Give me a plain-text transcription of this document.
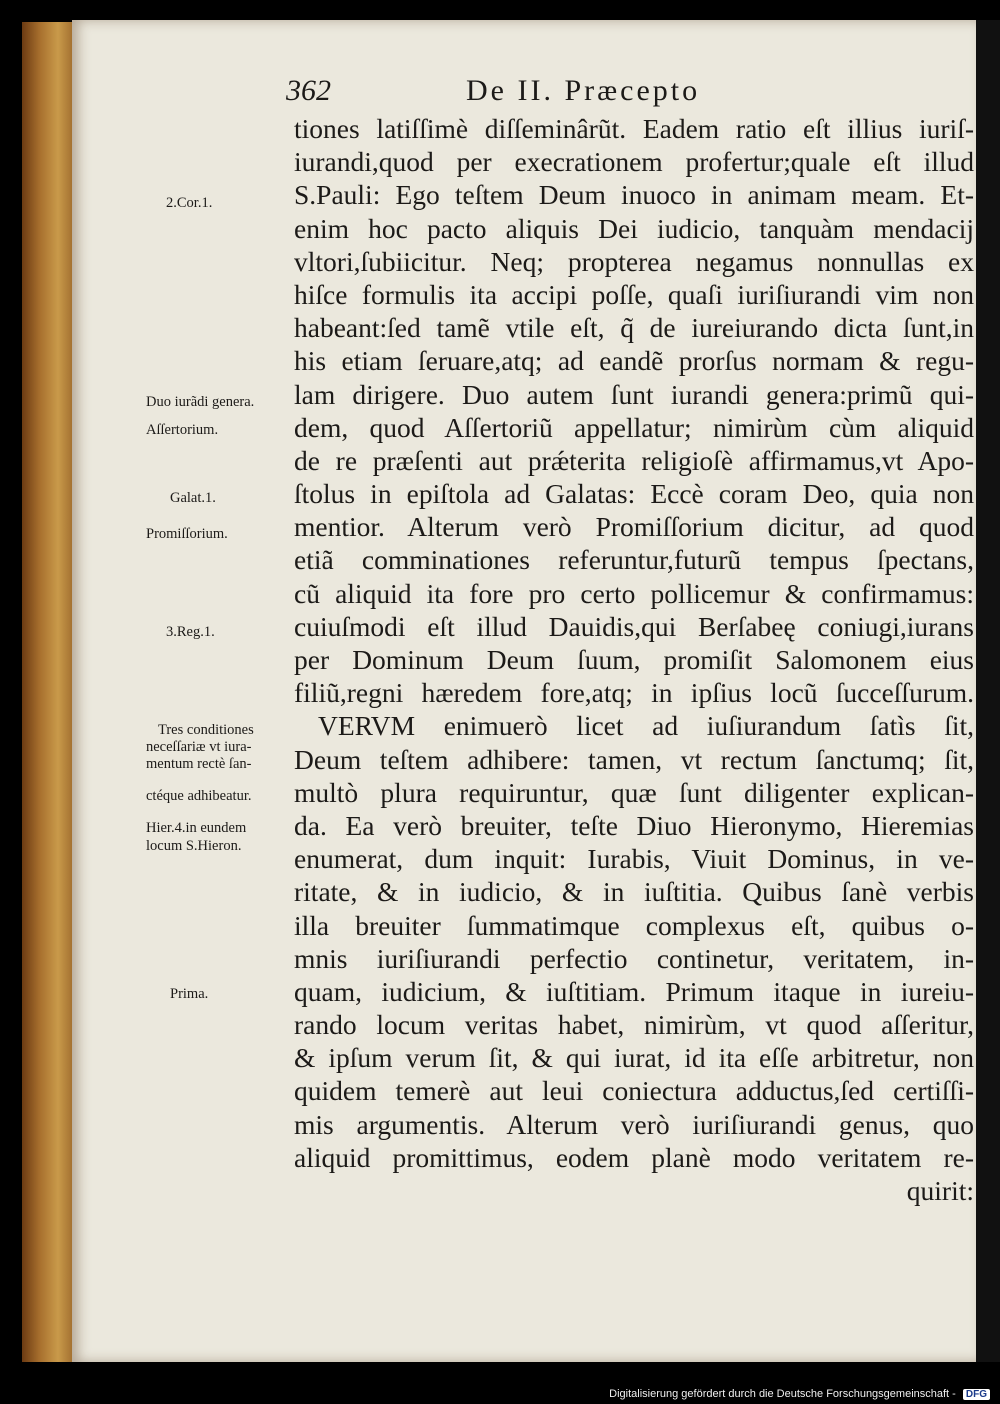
362	De II. Præcepto
tiones latiſſimè diſſeminârũt. Eadem ratio eſt illius iuriſ-
iurandi,quod per execrationem profertur;quale eſt illud
S.Pauli: Ego teſtem Deum inuoco in animam meam. Et-
enim hoc pacto aliquis Dei iudicio, tanquàm mendacij
vltori,ſubiicitur. Neq; propterea negamus nonnullas ex
hiſce formulis ita accipi poſſe, quaſi iuriſiurandi vim non
habeant:ſed tamẽ vtile eſt, q̃ de iureiurando dicta ſunt,in
his etiam ſeruare,atq; ad eandẽ prorſus normam & regu-
lam dirigere. Duo autem ſunt iurandi genera:primũ qui-
dem, quod Aſſertoriũ appellatur; nimirùm cùm aliquid
de re præſenti aut prǽterita religioſè affirmamus,vt Apo-
ſtolus in epiſtola ad Galatas: Eccè coram Deo, quia non
mentior. Alterum verò Promiſſorium dicitur, ad quod
etiã comminationes referuntur,futurũ tempus ſpectans,
cũ aliquid ita fore pro certo pollicemur & confirmamus:
cuiuſmodi eſt illud Dauidis,qui Berſabeę coniugi,iurans
per Dominum Deum ſuum, promiſit Salomonem eius
filiũ,regni hæredem fore,atq; in ipſius locũ ſucceſſurum.
VERVM enimuerò licet ad iuſiurandum ſatìs ſit,
Deum teſtem adhibere: tamen, vt rectum ſanctumq; ſit,
multò plura requiruntur, quæ ſunt diligenter explican-
da. Ea verò breuiter, teſte Diuo Hieronymo, Hieremias
enumerat, dum inquit: Iurabis, Viuit Dominus, in ve-
ritate, & in iudicio, & in iuſtitia. Quibus ſanè verbis
illa breuiter ſummatimque complexus eſt, quibus o-
mnis iuriſiurandi perfectio continetur, veritatem, in-
quam, iudicium, & iuſtitiam. Primum itaque in iureiu-
rando locum veritas habet, nimirùm, vt quod aſſeritur,
& ipſum verum ſit, & qui iurat, id ita eſſe arbitretur, non
quidem temerè aut leui coniectura adductus,ſed certiſſi-
mis argumentis. Alterum verò iuriſiurandi genus, quo
aliquid promittimus, eodem planè modo veritatem re-
quirit:
2.Cor.1.
Duo iurãdi genera.
Aſſertorium.
Galat.1.
Promiſſorium.
3.Reg.1.
Tres conditiones
neceſſariæ vt iura-
mentum rectè ſan-
ctéque adhibeatur.
Hier.4.in eundem
locum S.Hieron.
Prima.
Digitalisierung gefördert durch die Deutsche Forschungsgemeinschaft - DFG
